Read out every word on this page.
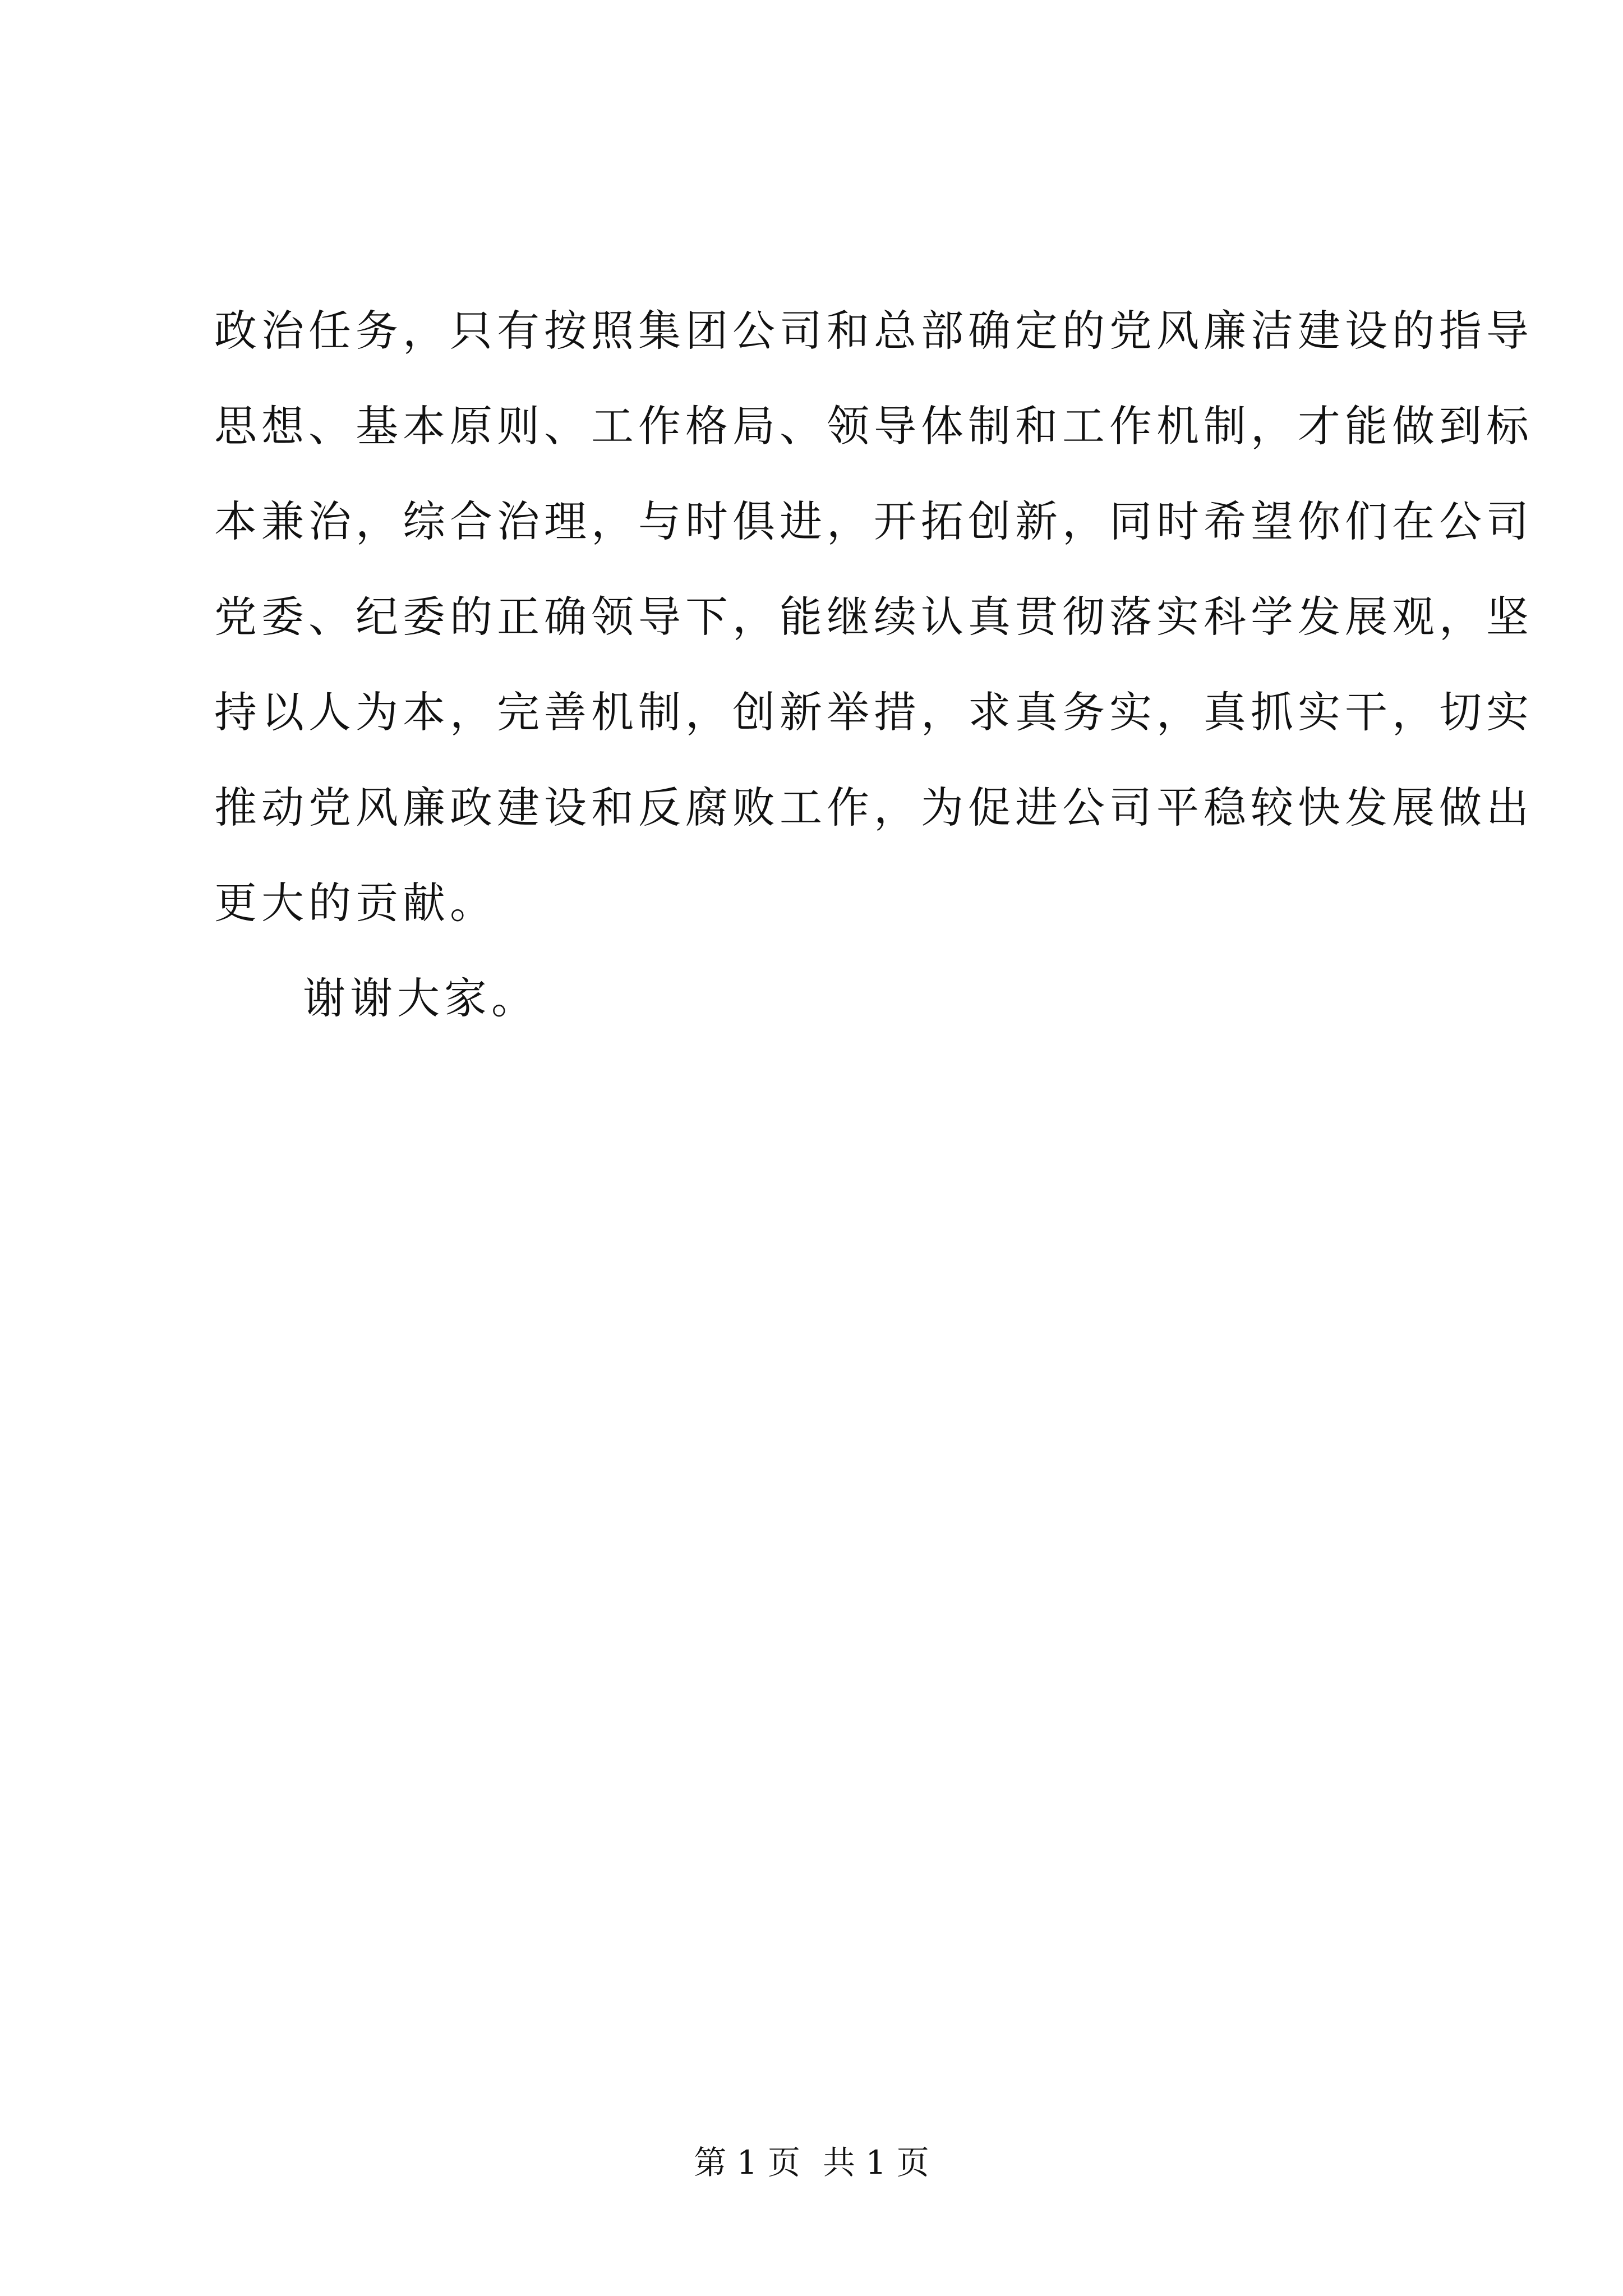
政治任务，只有按照集团公司和总部确定的党风廉洁建设的指导
思想、基本原则、工作格局、领导体制和工作机制，才能做到标
本兼治，综合治理，与时俱进，开拓创新，同时希望你们在公司
党委、纪委的正确领导下，能继续认真贯彻落实科学发展观，坚
持以人为本，完善机制，创新举措，求真务实，真抓实干，切实
推动党风廉政建设和反腐败工作，为促进公司平稳较快发展做出
更大的贡献。
谢谢大家。
第 1 页 共 1 页
